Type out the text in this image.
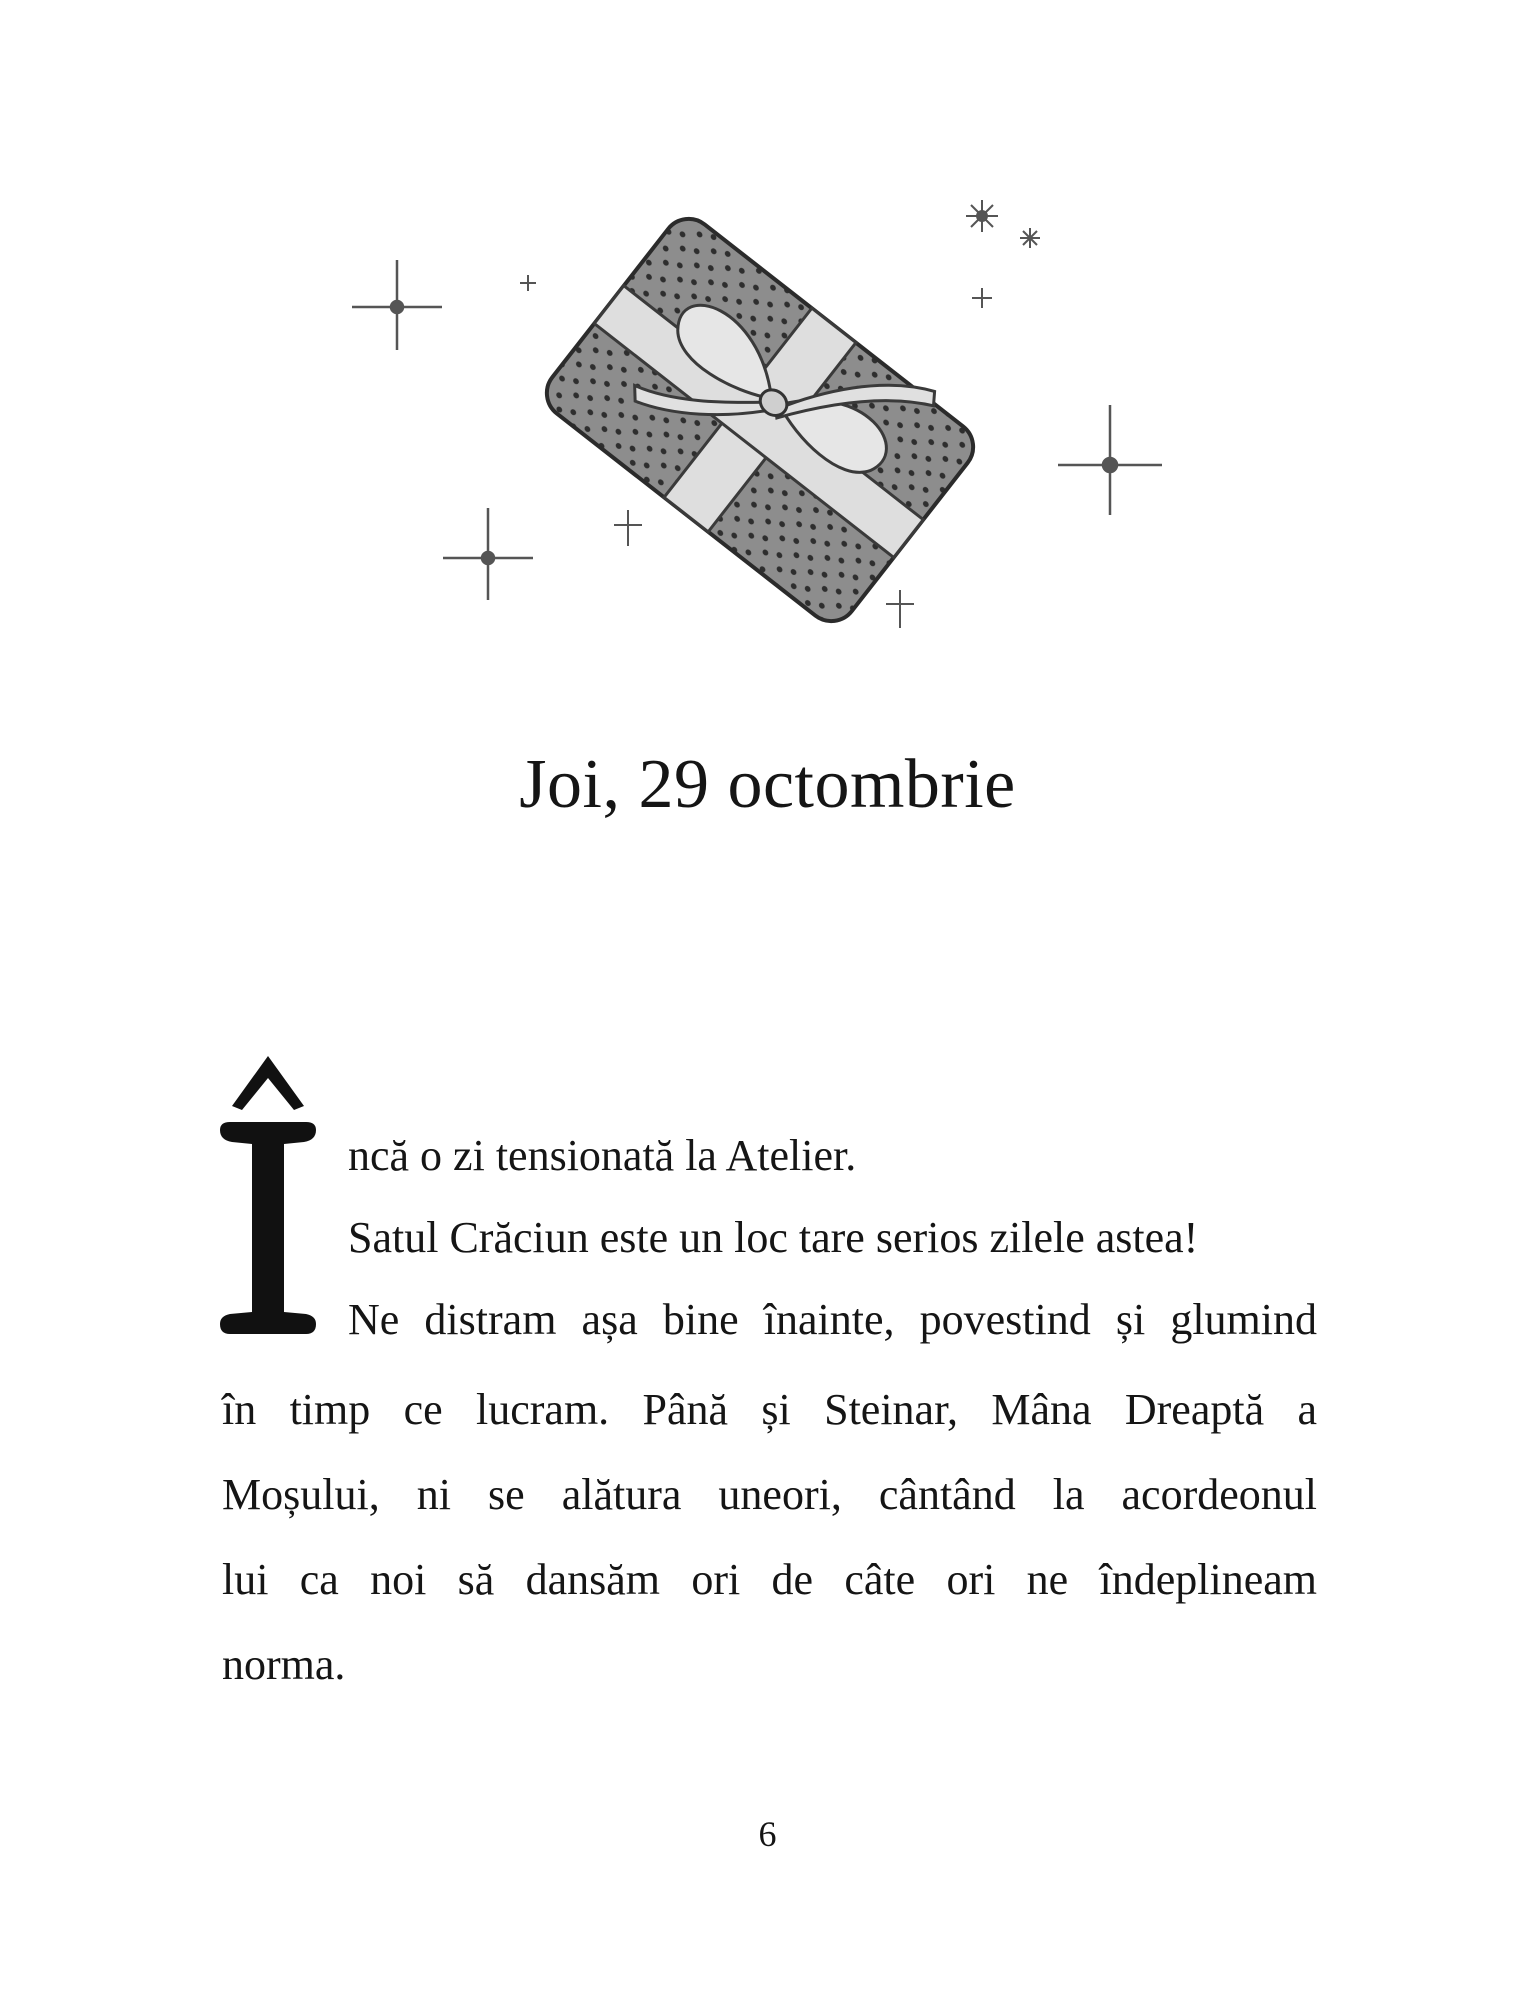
Joi, 29 octombrie

ncă o zi tensionată la Atelier.

Satul Crăciun este un loc tare serios zilele astea!

Ne distram așa bine înainte, povestind și glumind

în timp ce lucram. Până și Steinar, Mâna Dreaptă a

Moșului, ni se alătura uneori, cântând la acordeonul

lui ca noi să dansăm ori de câte ori ne îndeplineam

norma.

6
